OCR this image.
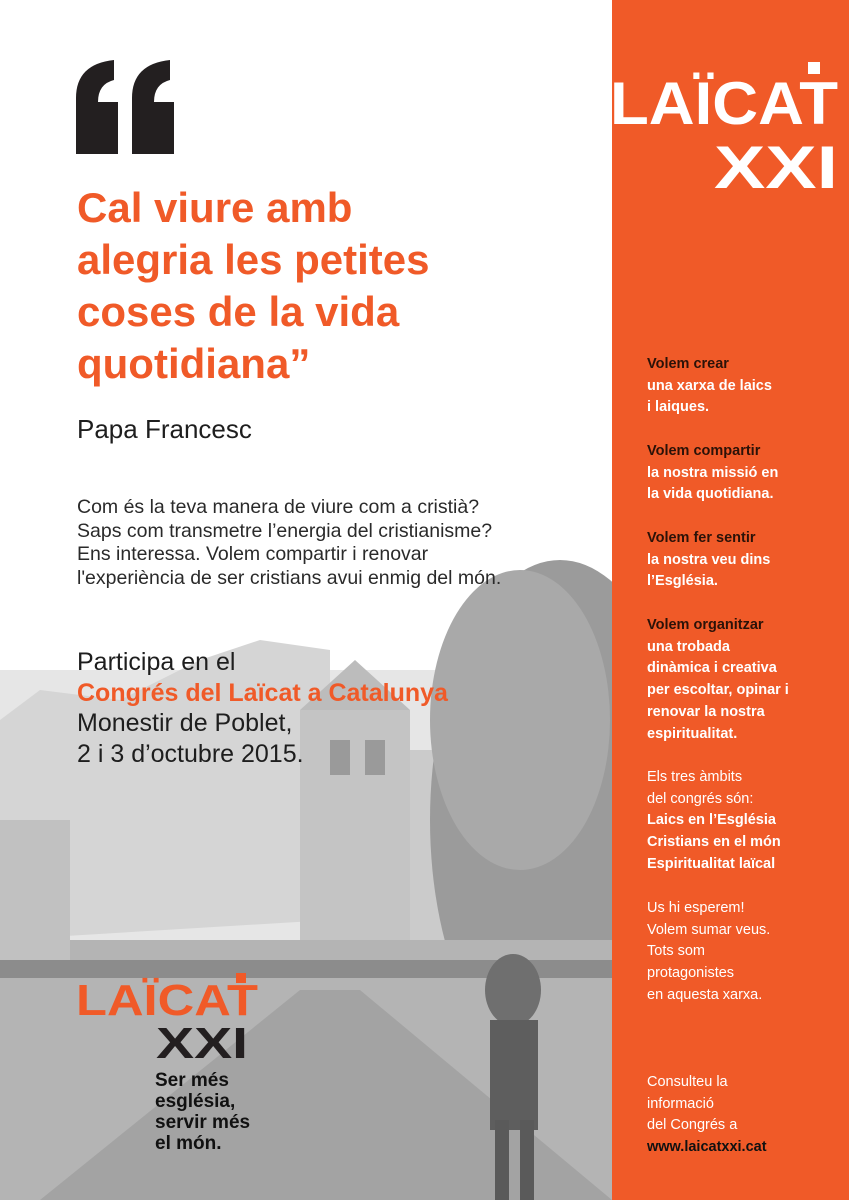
Cal viure amb
alegria les petites
coses de la vida
quotidiana”

Papa Francesc

Com és la teva manera de viure com a cristià?
Saps com transmetre l’energia del cristianisme?
Ens interessa. Volem compartir i renovar
l'experiència de ser cristians avui enmig del món.
Participa en el
Congrés del Laïcat a Catalunya
Monestir de Poblet,
2 i 3 d’octubre 2015.
LAÏCAT
XXI
Ser més
església,
servir més
el món.
LAÏCAT
XXI
Volem crear
una xarxa de laics
i laiques.
Volem compartir
la nostra missió en
la vida quotidiana.
Volem fer sentir
la nostra veu dins
l’Església.
Volem organitzar
una trobada
dinàmica i creativa
per escoltar, opinar i
renovar la nostra
espiritualitat.
Els tres àmbits
del congrés són:
Laics en l’Església
Cristians en el món
Espiritualitat laïcal
Us hi esperem!
Volem sumar veus.
Tots som
protagonistes
en aquesta xarxa.
Consulteu la
informació
del Congrés a
www.laicatxxi.cat
